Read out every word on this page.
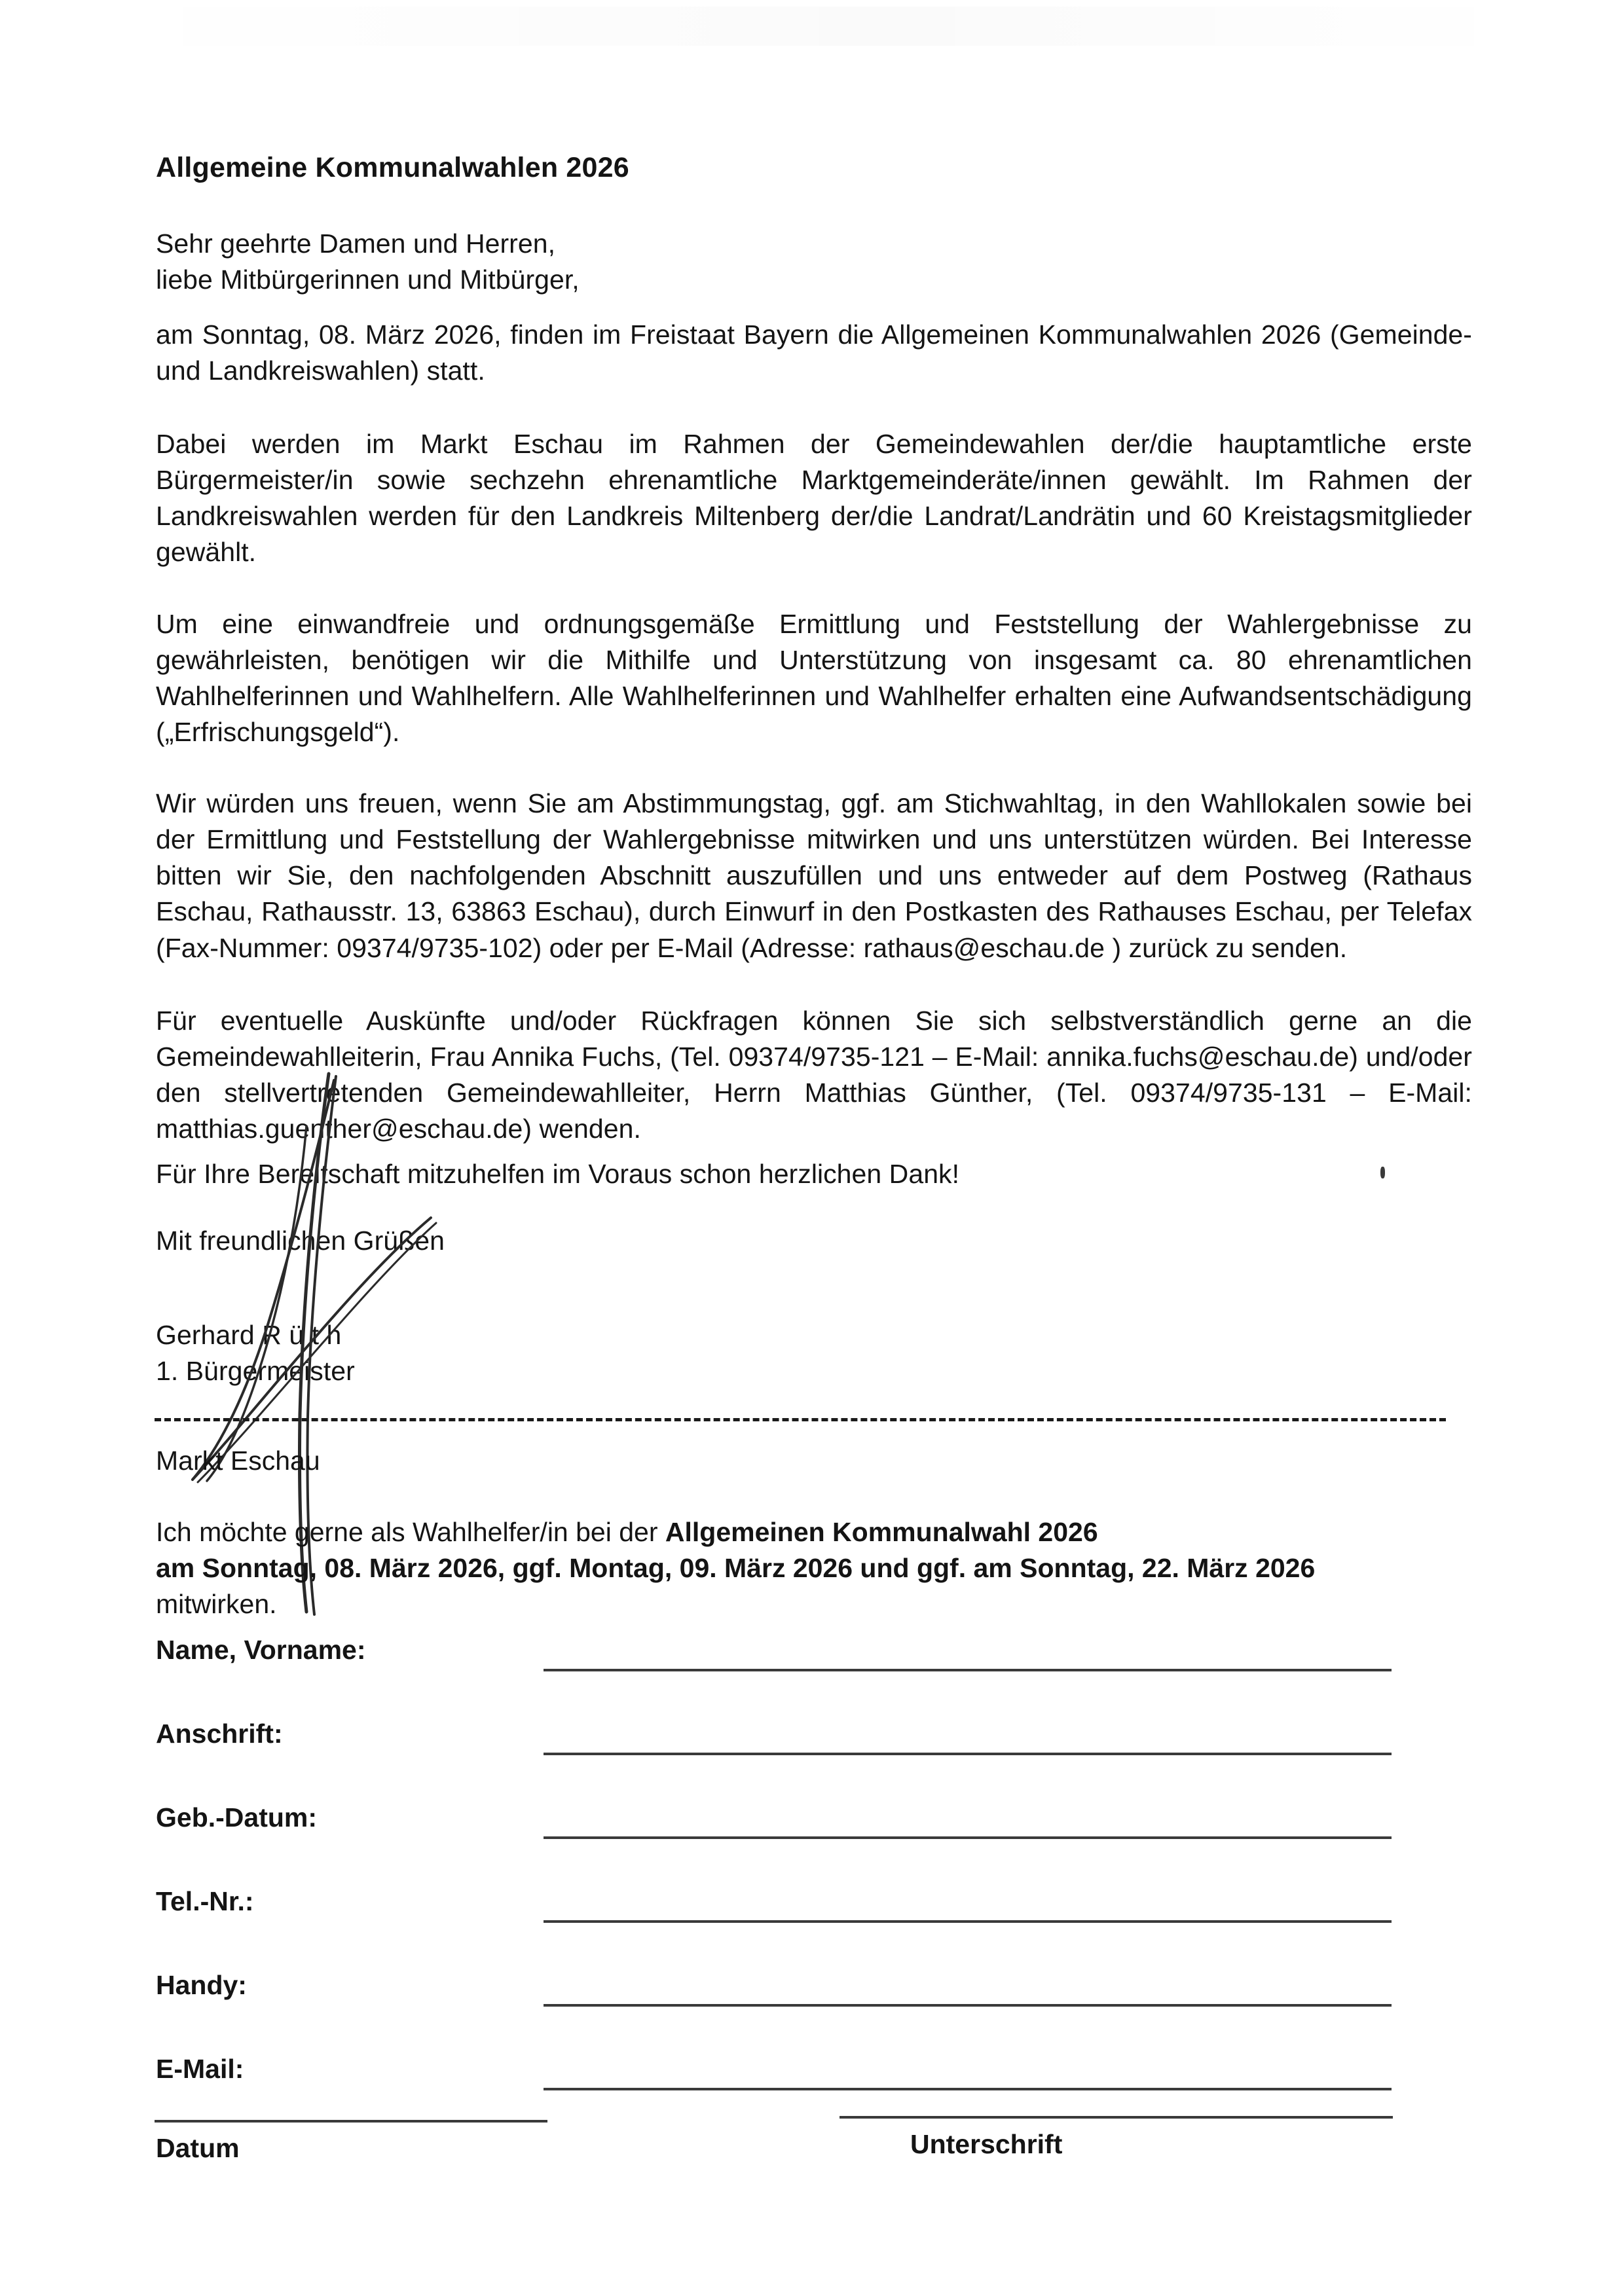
Allgemeine Kommunalwahlen 2026
Sehr geehrte Damen und Herren,
liebe Mitbürgerinnen und Mitbürger,
am Sonntag, 08. März 2026, finden im Freistaat Bayern die Allgemeinen Kommunalwahlen 2026 (Gemeinde- und Landkreiswahlen) statt.
Dabei werden im Markt Eschau im Rahmen der Gemeindewahlen der/die hauptamtliche erste Bürgermeister/in sowie sechzehn ehrenamtliche Marktgemeinderäte/innen gewählt. Im Rahmen der Landkreiswahlen werden für den Landkreis Miltenberg der/die Landrat/Landrätin und 60 Kreistagsmitglieder gewählt.
Um eine einwandfreie und ordnungsgemäße Ermittlung und Feststellung der Wahlergebnisse zu gewährleisten, benötigen wir die Mithilfe und Unterstützung von insgesamt ca. 80 ehrenamtlichen Wahlhelferinnen und Wahlhelfern. Alle Wahlhelferinnen und Wahlhelfer erhalten eine Aufwandsentschädigung („Erfrischungsgeld“).
Wir würden uns freuen, wenn Sie am Abstimmungstag, ggf. am Stichwahltag, in den Wahllokalen sowie bei der Ermittlung und Feststellung der Wahlergebnisse mitwirken und uns unterstützen würden. Bei Interesse bitten wir Sie, den nachfolgenden Abschnitt auszufüllen und uns entweder auf dem Postweg (Rathaus Eschau, Rathausstr. 13, 63863 Eschau), durch Einwurf in den Postkasten des Rathauses Eschau, per Telefax (Fax-Nummer: 09374/9735-102) oder per E-Mail (Adresse: rathaus@eschau.de ) zurück zu senden.
Für eventuelle Auskünfte und/oder Rückfragen können Sie sich selbstverständlich gerne an die Gemeindewahlleiterin, Frau Annika Fuchs, (Tel. 09374/9735-121 – E-Mail: annika.fuchs@eschau.de) und/oder den stellvertretenden Gemeindewahlleiter, Herrn Matthias Günther, (Tel. 09374/9735-131 – E-Mail: matthias.guenther@eschau.de) wenden.
Für Ihre Bereitschaft mitzuhelfen im Voraus schon herzlichen Dank!
Mit freundlichen Grüßen
Gerhard R ü t h
1. Bürgermeister
Markt Eschau
Ich möchte gerne als Wahlhelfer/in bei der Allgemeinen Kommunalwahl 2026
am Sonntag, 08. März 2026, ggf. Montag, 09. März 2026 und ggf. am Sonntag, 22. März 2026
mitwirken.
Name, Vorname:
Anschrift:
Geb.-Datum:
Tel.-Nr.:
Handy:
E-Mail:
Datum	Unterschrift
